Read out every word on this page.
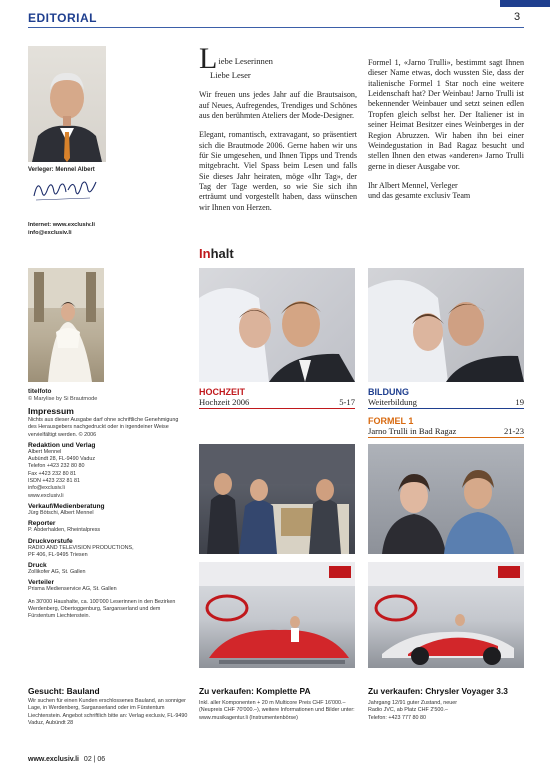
EDITORIAL	3
Verleger: Mennel Albert
Internet: www.exclusiv.li
info@exclusiv.li
L iebe Leserinnen
Liebe Leser

Wir freuen uns jedes Jahr auf die Brautsaison, auf Neues, Aufregendes, Trendiges und Schönes aus den berühmten Ateliers der Mode-Designer.

Elegant, romantisch, extravagant, so präsentiert sich die Brautmode 2006. Gerne haben wir uns für Sie umgesehen, und Ihnen Tipps und Trends mitgebracht. Viel Spass beim Lesen und falls Sie dieses Jahr heiraten, möge «Ihr Tag», der Tag der Tage werden, so wie Sie sich ihn erträumt und vorgestellt haben, dass wünschen wir Ihnen von Herzen.

Formel 1, «Jarno Trulli», bestimmt sagt Ihnen dieser Name etwas, doch wussten Sie, dass der italienische Formel 1 Star noch eine weitere Leidenschaft hat? Der Weinbau! Jarno Trulli ist bekennender Weinbauer und setzt seinen edlen Tropfen gleich selbst her. Der Italiener ist in seiner Heimat Besitzer eines Weinberges in der Region Abruzzen. Wir haben ihn bei einer Weindegustation in Bad Ragaz besucht und stellen Ihnen den etwas «anderen» Jarno Trulli gerne in dieser Ausgabe vor.

Ihr Albert Mennel, Verleger
und das gesamte exclusiv Team
Inhalt
titelfoto
© Marylise by Si Brautmode
Impressum
Nichts aus dieser Ausgabe darf ohne schriftliche Genehmigung des Herausgebers nachgedruckt oder in irgendeiner Weise vervielfältigt werden. © 2006
Redaktion und Verlag
Albert Mennel
Aubündt 28, FL-9490 Vaduz
Telefon +423 232 80 80
Fax +423 232 80 81
ISDN +423 232 81 81
info@exclusiv.li
www.exclusiv.li
Verkauf/Medienberatung
Jürg Bötschi, Albert Mennel
Reporter
P. Abderhalden, Rheintalpress
Druckvorstufe
RADIO AND TELEVISION PRODUCTIONS,
PF 406, FL-9495 Triesen
Druck
Zollikofer AG, St. Gallen
Verteiler
Prisma Medienservice AG, St. Gallen
An 30'000 Haushalte, ca. 100'000 Leserinnen in den Bezirken Werdenberg, Obertoggenburg, Sarganserland und dem Fürstentum Liechtenstein.
HOCHZEIT
Hochzeit 2006	5-17
BILDUNG
Weiterbildung	19
FORMEL 1
Jarno Trulli in Bad Ragaz	21-23
Gesucht: Bauland
Wir suchen für einen Kunden erschlossenes Bauland, an sonniger Lage, in Werdenberg, Sarganserland oder im Fürstentum Liechtenstein. Angebot schriftlich bitte an: Verlag exclusiv, FL-9490 Vaduz, Aubündt 28
Zu verkaufen: Komplette PA
Inkl. aller Komponenten + 20 m Multicore Preis CHF 16'000.– (Neupreis CHF 70'000.–), weitere Informationen und Bilder unter: www.musikagentur.li (Instrumentenbörse)
Zu verkaufen: Chrysler Voyager 3.3
Jahrgang 12/91 guter Zustand, neuer Radio JVC, ab Platz CHF 2'500.– Telefon: +423 777 80 80
www.exclusiv.li 02 | 06
